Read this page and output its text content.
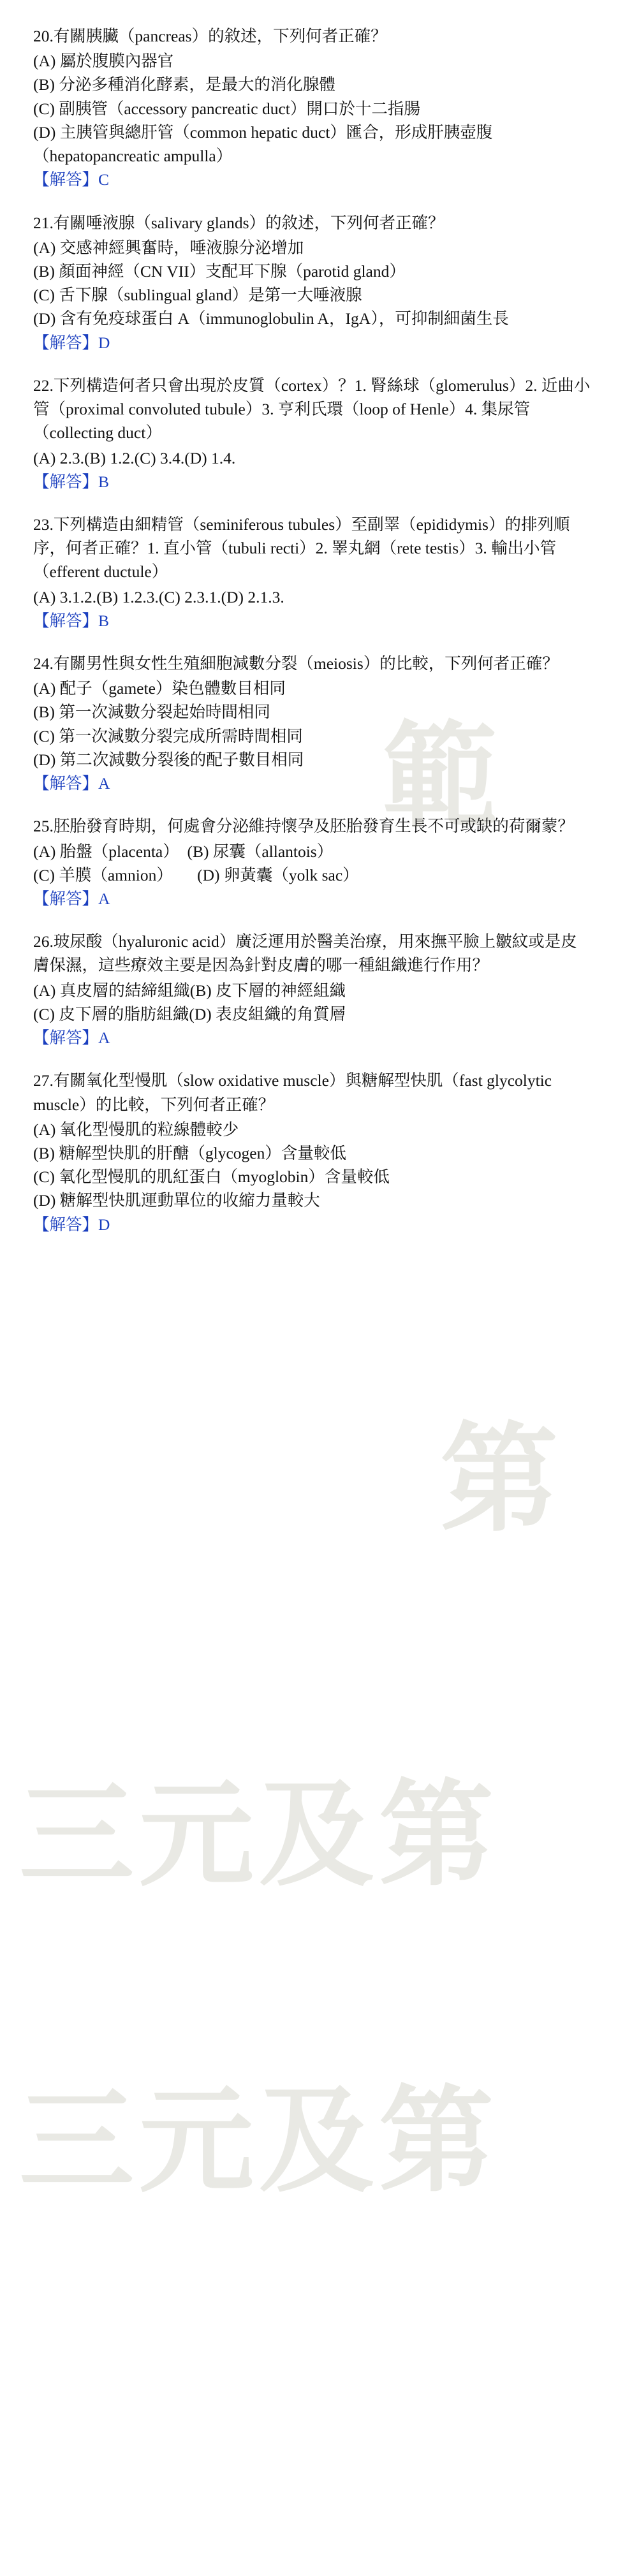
範
第
三元及第
三元及第

20.有關胰臟（pancreas）的敘述，下列何者正確？

(A) 屬於腹膜內器官

(B) 分泌多種消化酵素，是最大的消化腺體

(C) 副胰管（accessory pancreatic duct）開口於十二指腸

(D) 主胰管與總肝管（common hepatic duct）匯合，形成肝胰壺腹（hepatopancreatic ampulla）

【解答】C

21.有關唾液腺（salivary glands）的敘述，下列何者正確？

(A) 交感神經興奮時，唾液腺分泌增加

(B) 顏面神經（CN VII）支配耳下腺（parotid gland）

(C) 舌下腺（sublingual gland）是第一大唾液腺

(D) 含有免疫球蛋白 A（immunoglobulin A，IgA），可抑制細菌生長

【解答】D

22.下列構造何者只會出現於皮質（cortex）？1. 腎絲球（glomerulus）2. 近曲小管（proximal convoluted tubule）3. 亨利氏環（loop of Henle）4. 集尿管（collecting duct）

(A) 2.3.(B) 1.2.(C) 3.4.(D) 1.4.

【解答】B

23.下列構造由細精管（seminiferous tubules）至副睪（epididymis）的排列順序，何者正確？1. 直小管（tubuli recti）2. 睪丸網（rete testis）3. 輸出小管（efferent ductule）

(A) 3.1.2.(B) 1.2.3.(C) 2.3.1.(D) 2.1.3.

【解答】B

24.有關男性與女性生殖細胞減數分裂（meiosis）的比較，下列何者正確？

(A) 配子（gamete）染色體數目相同

(B) 第一次減數分裂起始時間相同

(C) 第一次減數分裂完成所需時間相同

(D) 第二次減數分裂後的配子數目相同

【解答】A

25.胚胎發育時期，何處會分泌維持懷孕及胚胎發育生長不可或缺的荷爾蒙？

(A) 胎盤（placenta）　(B) 尿囊（allantois）

(C) 羊膜（amnion）　　(D) 卵黃囊（yolk sac）

【解答】A

26.玻尿酸（hyaluronic acid）廣泛運用於醫美治療，用來撫平臉上皺紋或是皮膚保濕，這些療效主要是因為針對皮膚的哪一種組織進行作用？

(A) 真皮層的結締組織(B) 皮下層的神經組織

(C) 皮下層的脂肪組織(D) 表皮組織的角質層

【解答】A

27.有關氧化型慢肌（slow oxidative muscle）與糖解型快肌（fast glycolytic muscle）的比較，下列何者正確？

(A) 氧化型慢肌的粒線體較少

(B) 糖解型快肌的肝醣（glycogen）含量較低

(C) 氧化型慢肌的肌紅蛋白（myoglobin）含量較低

(D) 糖解型快肌運動單位的收縮力量較大

【解答】D
